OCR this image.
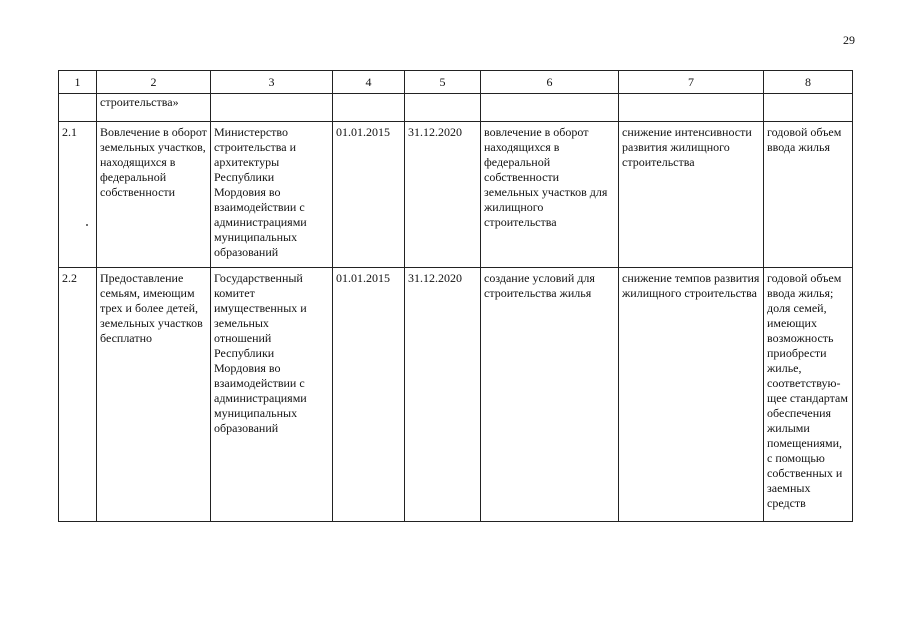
29
1	2	3	4	5	6	7	8
	строительства»						
2.1	Вовлечение в оборот земельных участков, находящихся в федеральной собственности	Министерство строительства и архитектуры Республики Мордовия во взаимодействии с администрациями муниципальных образований	01.01.2015	31.12.2020	вовлечение в оборот находящихся в федеральной собственности земельных участков для жилищного строительства	снижение интенсивности развития жилищного строительства	годовой объем ввода жилья
2.2	Предоставление семьям, имеющим трех и более детей, земельных участков бесплатно	Государственный комитет имущественных и земельных отношений Республики Мордовия во взаимодействии с администрациями муниципальных образований	01.01.2015	31.12.2020	создание условий для строительства жилья	снижение темпов развития жилищного строительства	годовой объем ввода жилья; доля семей, имеющих возможность приобрести жилье, соответствую-щее стандартам обеспечения жилыми помещениями, с помощью собственных и заемных средств
